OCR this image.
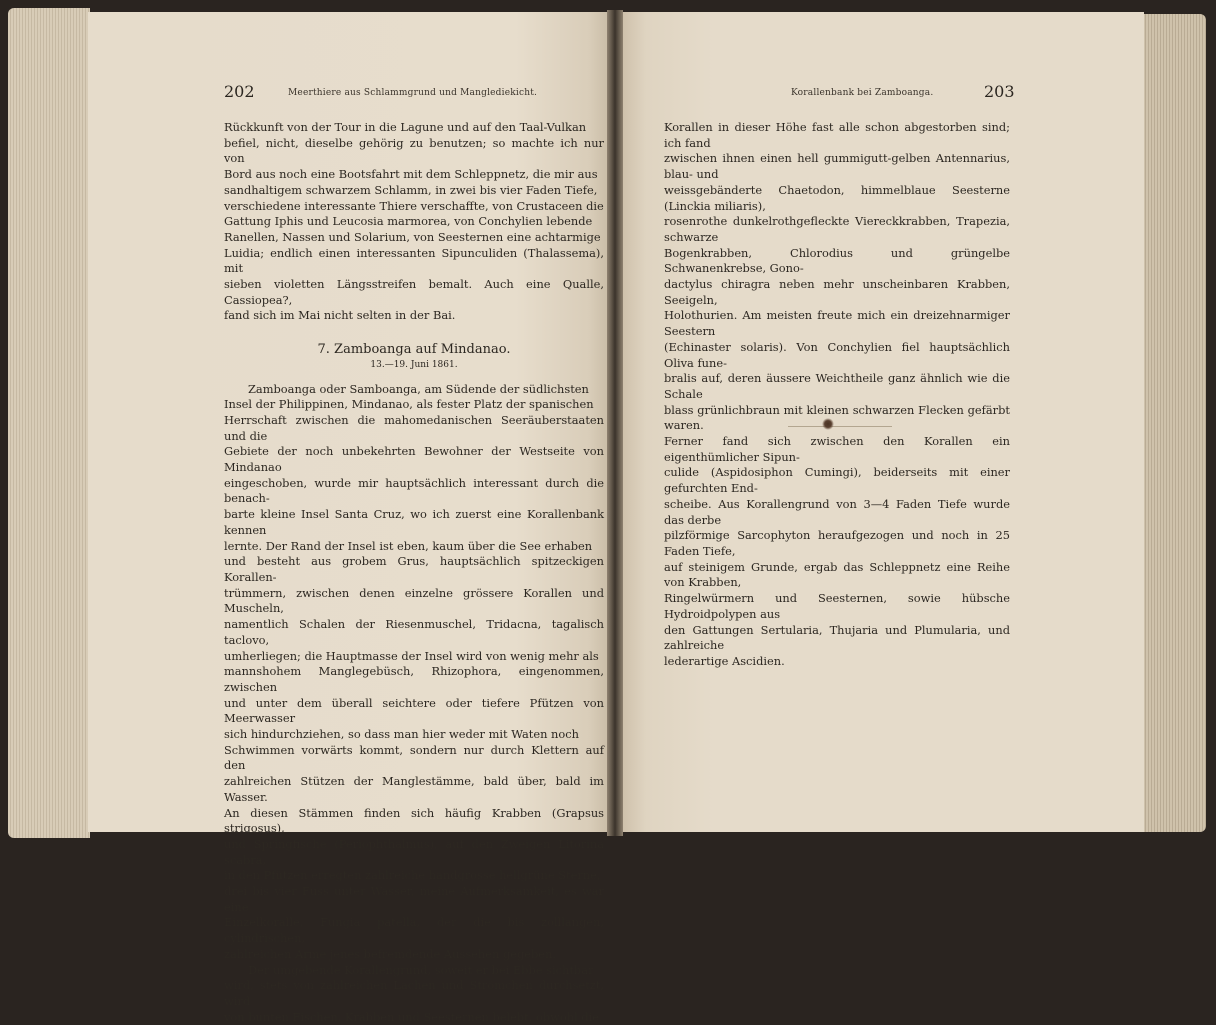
202	Meerthiere aus Schlammgrund und Manglediekicht.	Korallenbank bei Zamboanga.	203

Rückkunft von der Tour in die Lagune und auf den Taal-Vulkan

befiel, nicht, dieselbe gehörig zu benutzen; so machte ich nur von

Bord aus noch eine Bootsfahrt mit dem Schleppnetz, die mir aus

sandhaltigem schwarzem Schlamm, in zwei bis vier Faden Tiefe,

verschiedene interessante Thiere verschaffte, von Crustaceen die

Gattung Iphis und Leucosia marmorea, von Conchylien lebende

Ranellen, Nassen und Solarium, von Seesternen eine achtarmige

Luidia; endlich einen interessanten Sipunculiden (Thalassema), mit

sieben violetten Längsstreifen bemalt. Auch eine Qualle, Cassiopea?,

fand sich im Mai nicht selten in der Bai.

7. Zamboanga auf Mindanao.

13.—19. Juni 1861.

Zamboanga oder Samboanga, am Südende der südlichsten

Insel der Philippinen, Mindanao, als fester Platz der spanischen

Herrschaft zwischen die mahomedanischen Seeräuberstaaten und die

Gebiete der noch unbekehrten Bewohner der Westseite von Mindanao

eingeschoben, wurde mir hauptsächlich interessant durch die benach-

barte kleine Insel Santa Cruz, wo ich zuerst eine Korallenbank kennen

lernte. Der Rand der Insel ist eben, kaum über die See erhaben

und besteht aus grobem Grus, hauptsächlich spitzeckigen Korallen-

trümmern, zwischen denen einzelne grössere Korallen und Muscheln,

namentlich Schalen der Riesenmuschel, Tridacna, tagalisch taclovo,

umherliegen; die Hauptmasse der Insel wird von wenig mehr als

mannshohem Manglegebüsch, Rhizophora, eingenommen, zwischen

und unter dem überall seichtere oder tiefere Pfützen von Meerwasser

sich hindurchziehen, so dass man hier weder mit Waten noch

Schwimmen vorwärts kommt, sondern nur durch Klettern auf den

zahlreichen Stützen der Manglestämme, bald über, bald im Wasser.

An diesen Stämmen finden sich häufig Krabben (Grapsus strigosus),

und Springfische (Periophthalmus), auf den Zweigen Litorina scabra,

in den Pfützen erregten zahlreiche handgrosse hellgrüne Sterne,

drei bis vier Fuss unter Wasser, meine Aufmerksamkeit, es war eine

Einzelkoralle, Fungia patella, der die bis zolllangen, cylindrischen,

zahlreichen Arme jenes befremdende Aussehen gegeben.

Der umgebende Korallengrund, soweit er bei Ebbe sichtbar

wird, stets von zahlreichen Lachen und Strömchen durchsetzt, wird

von bunten Fischen, Krabben und Seesternen belebt, obwohl die

Korallen in dieser Höhe fast alle schon abgestorben sind; ich fand

zwischen ihnen einen hell gummigutt-gelben Antennarius, blau- und

weissgebänderte Chaetodon, himmelblaue Seesterne (Linckia miliaris),

rosenrothe dunkelrothgefleckte Viereckkrabben, Trapezia, schwarze

Bogenkrabben, Chlorodius und grüngelbe Schwanenkrebse, Gono-

dactylus chiragra neben mehr unscheinbaren Krabben, Seeigeln,

Holothurien. Am meisten freute mich ein dreizehnarmiger Seestern

(Echinaster solaris). Von Conchylien fiel hauptsächlich Oliva fune-

bralis auf, deren äussere Weichtheile ganz ähnlich wie die Schale

blass grünlichbraun mit kleinen schwarzen Flecken gefärbt waren.

Ferner fand sich zwischen den Korallen ein eigenthümlicher Sipun-

culide (Aspidosiphon Cumingi), beiderseits mit einer gefurchten End-

scheibe. Aus Korallengrund von 3—4 Faden Tiefe wurde das derbe

pilzförmige Sarcophyton heraufgezogen und noch in 25 Faden Tiefe,

auf steinigem Grunde, ergab das Schleppnetz eine Reihe von Krabben,

Ringelwürmern und Seesternen, sowie hübsche Hydroidpolypen aus

den Gattungen Sertularia, Thujaria und Plumularia, und zahlreiche

lederartige Ascidien.
